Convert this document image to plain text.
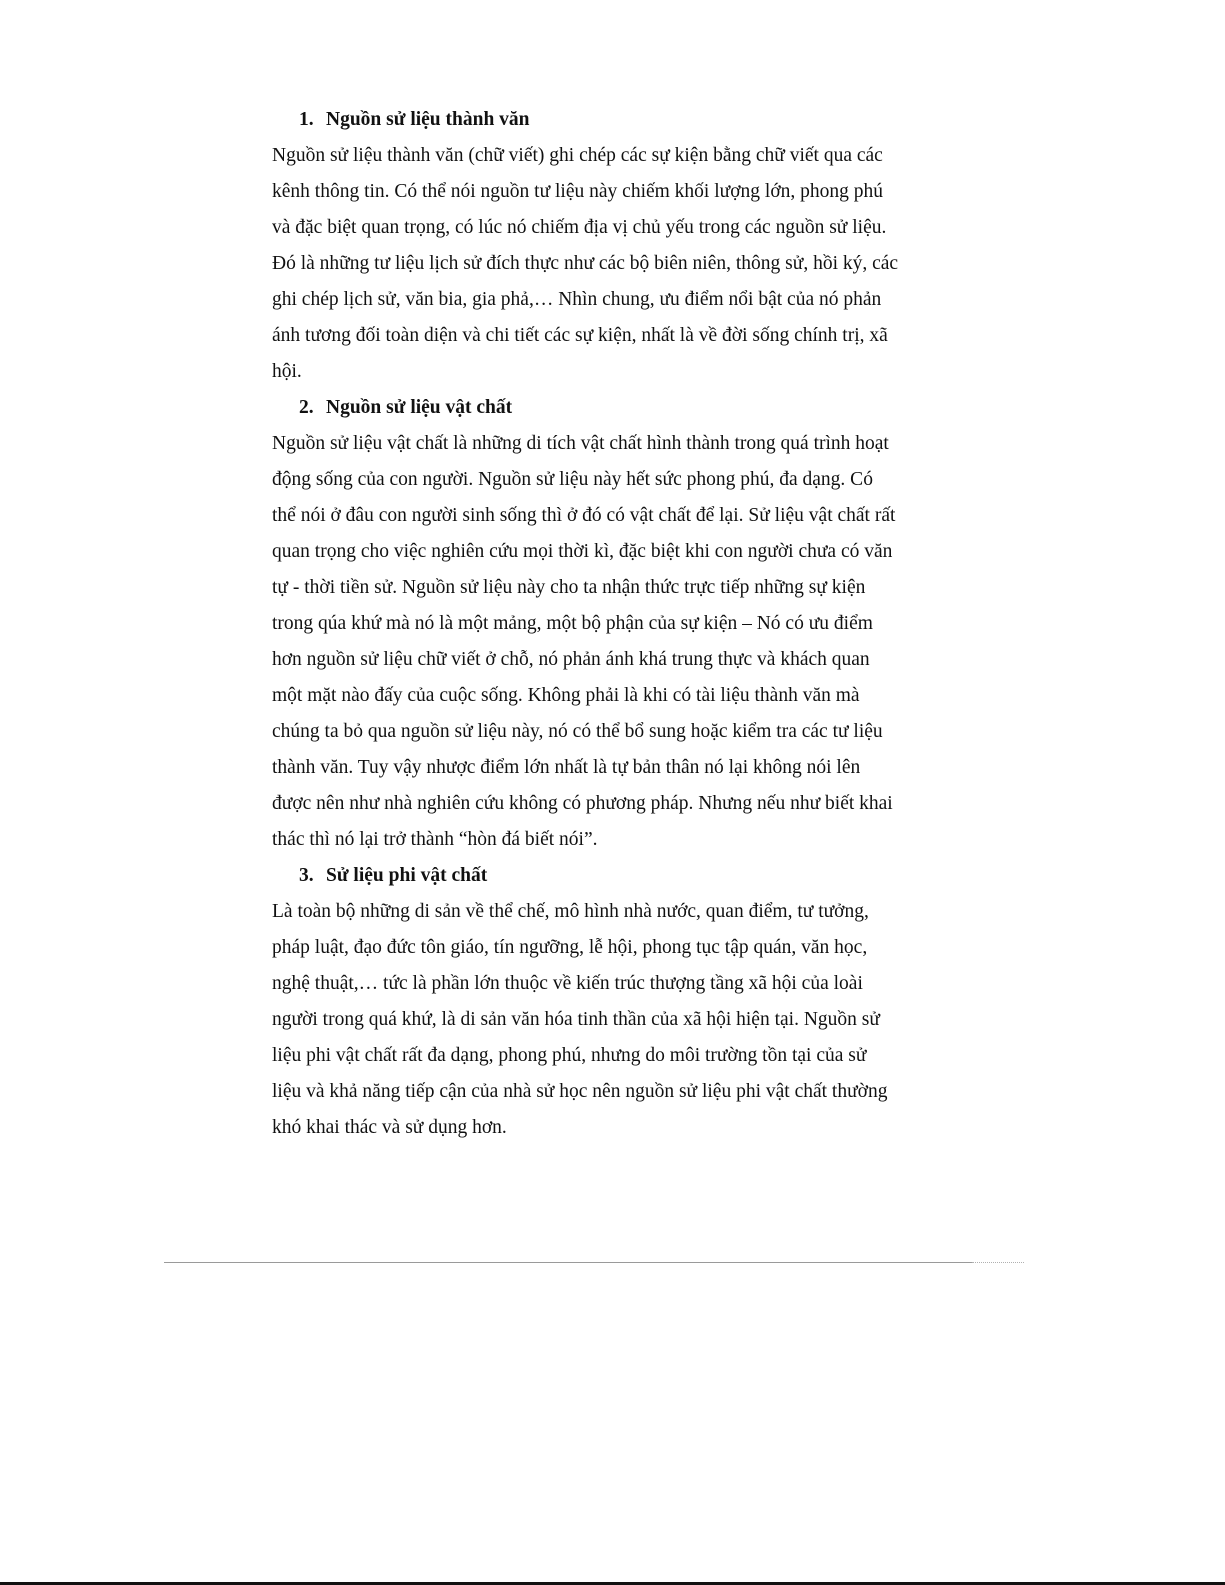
1. Nguồn sử liệu thành văn

Nguồn sử liệu thành văn (chữ viết) ghi chép các sự kiện bằng chữ viết qua các
kênh thông tin. Có thể nói nguồn tư liệu này chiếm khối lượng lớn, phong phú
và đặc biệt quan trọng, có lúc nó chiếm địa vị chủ yếu trong các nguồn sử liệu.
Đó là những tư liệu lịch sử đích thực như các bộ biên niên, thông sử, hồi ký, các
ghi chép lịch sử, văn bia, gia phả,… Nhìn chung, ưu điểm nổi bật của nó phản
ánh tương đối toàn diện và chi tiết các sự kiện, nhất là về đời sống chính trị, xã
hội.

2. Nguồn sử liệu vật chất

Nguồn sử liệu vật chất là những di tích vật chất hình thành trong quá trình hoạt
động sống của con người. Nguồn sử liệu này hết sức phong phú, đa dạng. Có
thể nói ở đâu con người sinh sống thì ở đó có vật chất để lại. Sử liệu vật chất rất
quan trọng cho việc nghiên cứu mọi thời kì, đặc biệt khi con người chưa có văn
tự - thời tiền sử. Nguồn sử liệu này cho ta nhận thức trực tiếp những sự kiện
trong qúa khứ mà nó là một mảng, một bộ phận của sự kiện – Nó có ưu điểm
hơn nguồn sử liệu chữ viết ở chỗ, nó phản ánh khá trung thực và khách quan
một mặt nào đấy của cuộc sống. Không phải là khi có tài liệu thành văn mà
chúng ta bỏ qua nguồn sử liệu này, nó có thể bổ sung hoặc kiểm tra các tư liệu
thành văn. Tuy vậy nhược điểm lớn nhất là tự bản thân nó lại không nói lên
được nên như nhà nghiên cứu không có phương pháp. Nhưng nếu như biết khai
thác thì nó lại trở thành “hòn đá biết nói”.

3. Sử liệu phi vật chất

Là toàn bộ những di sản về thể chế, mô hình nhà nước, quan điểm, tư tưởng,
pháp luật, đạo đức tôn giáo, tín ngưỡng, lễ hội, phong tục tập quán, văn học,
nghệ thuật,… tức là phần lớn thuộc về kiến trúc thượng tầng xã hội của loài
người trong quá khứ, là di sản văn hóa tinh thần của xã hội hiện tại. Nguồn sử
liệu phi vật chất rất đa dạng, phong phú, nhưng do môi trường tồn tại của sử
liệu và khả năng tiếp cận của nhà sử học nên nguồn sử liệu phi vật chất thường
khó khai thác và sử dụng hơn.
